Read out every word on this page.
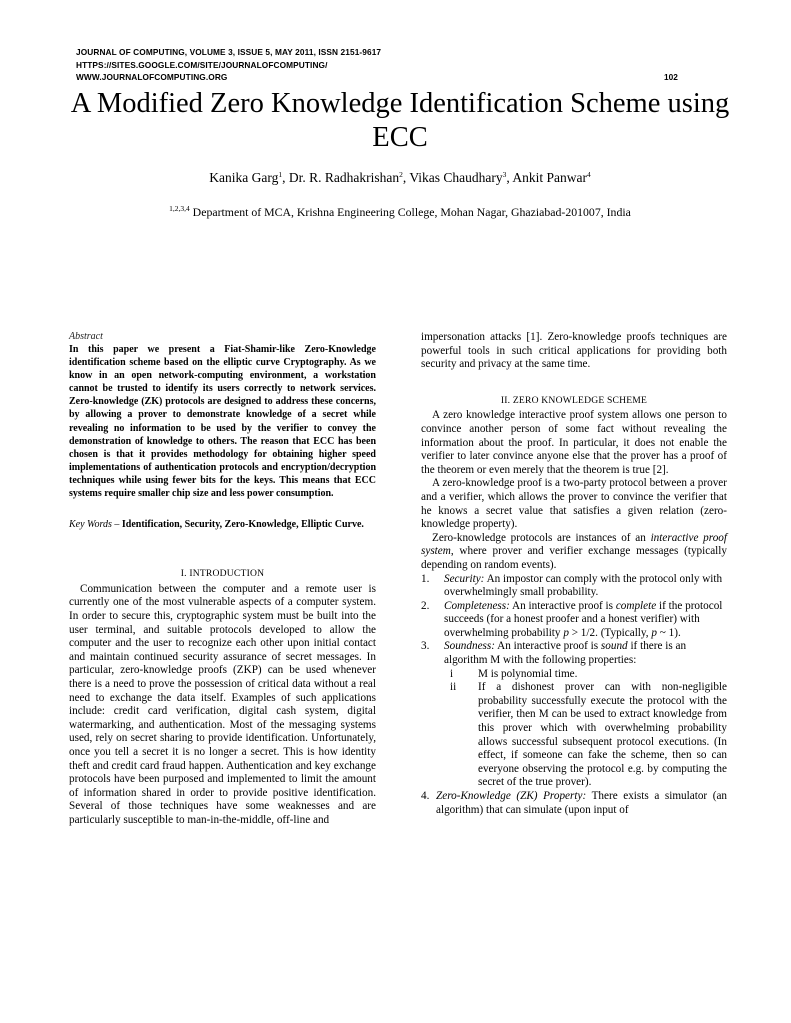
JOURNAL OF COMPUTING, VOLUME 3, ISSUE 5, MAY 2011, ISSN 2151-9617
HTTPS://SITES.GOOGLE.COM/SITE/JOURNALOFCOMPUTING/
WWW.JOURNALOFCOMPUTING.ORG	102
A Modified Zero Knowledge Identification Scheme using ECC
Kanika Garg$^1$, Dr. R. Radhakrishan$^2$, Vikas Chaudhary$^3$, Ankit Panwar$^4$
$^{1,2,3,4}$ Department of MCA, Krishna Engineering College, Mohan Nagar, Ghaziabad-201007, India
Abstract
In this paper we present a Fiat-Shamir-like Zero-Knowledge identification scheme based on the elliptic curve Cryptography. As we know in an open network-computing environment, a workstation cannot be trusted to identify its users correctly to network services. Zero-knowledge (ZK) protocols are designed to address these concerns, by allowing a prover to demonstrate knowledge of a secret while revealing no information to be used by the verifier to convey the demonstration of knowledge to others. The reason that ECC has been chosen is that it provides methodology for obtaining higher speed implementations of authentication protocols and encryption/decryption techniques while using fewer bits for the keys. This means that ECC systems require smaller chip size and less power consumption.
Key Words – Identification, Security, Zero-Knowledge, Elliptic Curve.
I. INTRODUCTION

Communication between the computer and a remote user is currently one of the most vulnerable aspects of a computer system. In order to secure this, cryptographic system must be built into the user terminal, and suitable protocols developed to allow the computer and the user to recognize each other upon initial contact and maintain continued security assurance of secret messages. In particular, zero-knowledge proofs (ZKP) can be used whenever there is a need to prove the possession of critical data without a real need to exchange the data itself. Examples of such applications include: credit card verification, digital cash system, digital watermarking, and authentication. Most of the messaging systems used, rely on secret sharing to provide identification. Unfortunately, once you tell a secret it is no longer a secret. This is how identity theft and credit card fraud happen. Authentication and key exchange protocols have been purposed and implemented to limit the amount of information shared in order to provide positive identification. Several of those techniques have some weaknesses and are particularly susceptible to man-in-the-middle, off-line and

impersonation attacks [1]. Zero-knowledge proofs techniques are powerful tools in such critical applications for providing both security and privacy at the same time.

II. ZERO KNOWLEDGE SCHEME

A zero knowledge interactive proof system allows one person to convince another person of some fact without revealing the information about the proof. In particular, it does not enable the verifier to later convince anyone else that the prover has a proof of the theorem or even merely that the theorem is true [2].

A zero-knowledge proof is a two-party protocol between a prover and a verifier, which allows the prover to convince the verifier that he knows a secret value that satisfies a given relation (zero-knowledge property).

Zero-knowledge protocols are instances of an interactive proof system, where prover and verifier exchange messages (typically depending on random events).

1.	Security: An impostor can comply with the protocol only with overwhelmingly small probability.
2.	Completeness: An interactive proof is complete if the protocol succeeds (for a honest proofer and a honest verifier) with overwhelming probability p > 1/2. (Typically, p ~ 1).
3.	Soundness: An interactive proof is sound if there is an algorithm M with the following properties:
i	M is polynomial time.
ii	If a dishonest prover can with non-negligible probability successfully execute the protocol with the verifier, then M can be used to extract knowledge from this prover which with overwhelming probability allows successful subsequent protocol executions. (In effect, if someone can fake the scheme, then so can everyone observing the protocol e.g. by computing the secret of the true prover).
4. Zero-Knowledge (ZK) Property: There exists a simulator (an algorithm) that can simulate (upon input of
